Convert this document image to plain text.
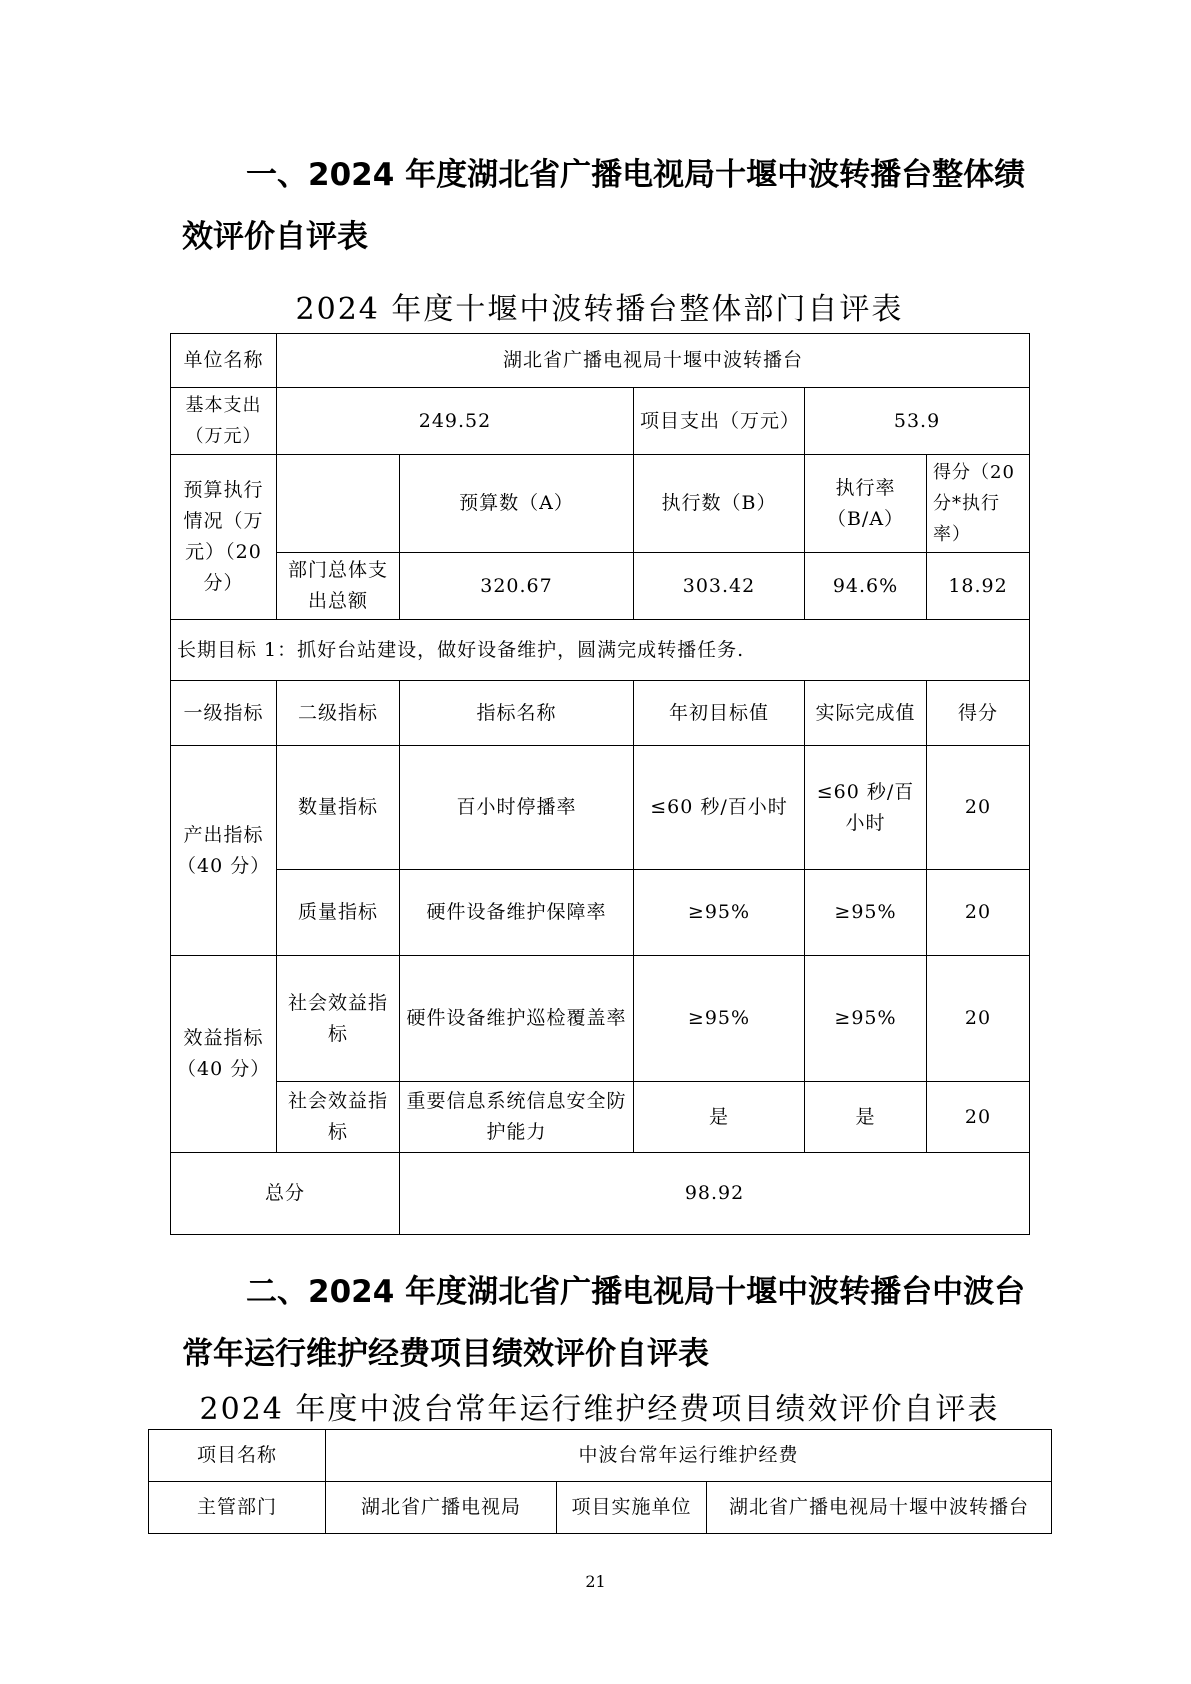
一、2024 年度湖北省广播电视局十堰中波转播台整体绩
效评价自评表
2024 年度十堰中波转播台整体部门自评表
单位名称	湖北省广播电视局十堰中波转播台				
基本支出（万元）	249.52		项目支出（万元）	53.9	
预算执行情况（万元）（20 分）		预算数（A）	执行数（B）	执行率（B/A）	得分（20分*执行率）
	部门总体支出总额	320.67	303.42	94.6%	18.92
长期目标 1：抓好台站建设，做好设备维护，圆满完成转播任务.					
一级指标	二级指标	指标名称	年初目标值	实际完成值	得分
产出指标（40 分）	数量指标	百小时停播率	≤60 秒/百小时	≤60 秒/百小时	20
	质量指标	硬件设备维护保障率	≥95%	≥95%	20
效益指标（40 分）	社会效益指标	硬件设备维护巡检覆盖率	≥95%	≥95%	20
	社会效益指标	重要信息系统信息安全防护能力	是	是	20
总分		98.92			
二、2024 年度湖北省广播电视局十堰中波转播台中波台
常年运行维护经费项目绩效评价自评表
2024 年度中波台常年运行维护经费项目绩效评价自评表
项目名称	中波台常年运行维护经费		
主管部门	湖北省广播电视局	项目实施单位	湖北省广播电视局十堰中波转播台
21
